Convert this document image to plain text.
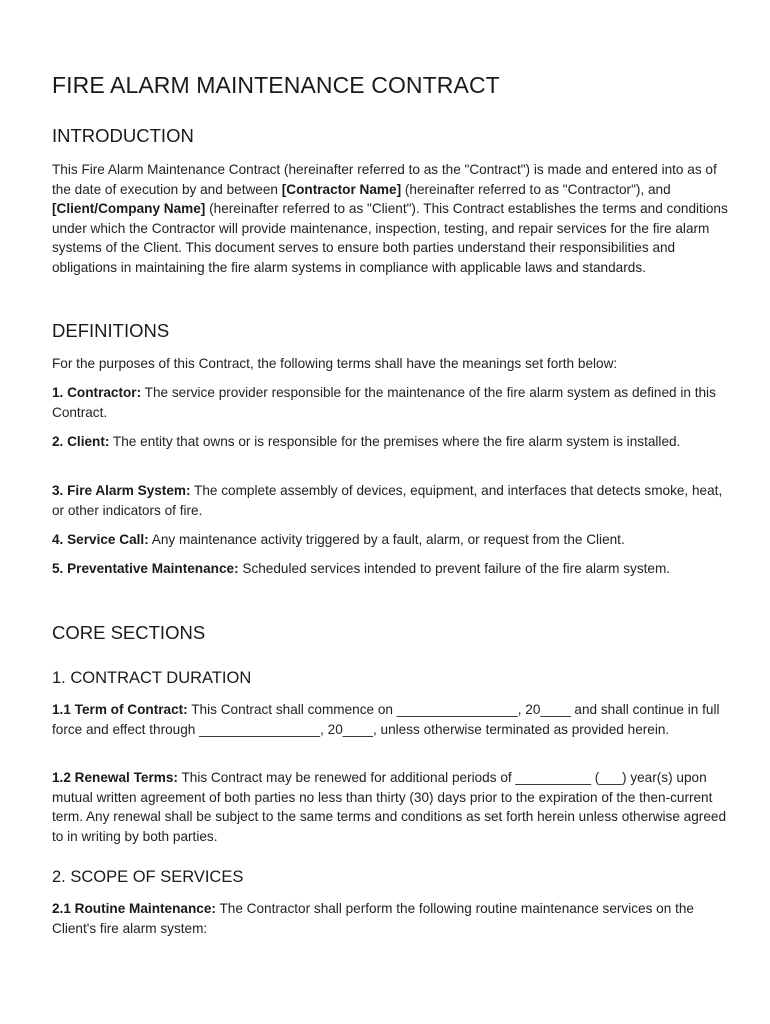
FIRE ALARM MAINTENANCE CONTRACT
INTRODUCTION

This Fire Alarm Maintenance Contract (hereinafter referred to as the "Contract") is made and entered into as of the date of execution by and between [Contractor Name] (hereinafter referred to as "Contractor"), and [Client/Company Name] (hereinafter referred to as "Client"). This Contract establishes the terms and conditions under which the Contractor will provide maintenance, inspection, testing, and repair services for the fire alarm systems of the Client. This document serves to ensure both parties understand their responsibilities and obligations in maintaining the fire alarm systems in compliance with applicable laws and standards.

DEFINITIONS

For the purposes of this Contract, the following terms shall have the meanings set forth below:

1. Contractor: The service provider responsible for the maintenance of the fire alarm system as defined in this Contract.

2. Client: The entity that owns or is responsible for the premises where the fire alarm system is installed.

3. Fire Alarm System: The complete assembly of devices, equipment, and interfaces that detects smoke, heat, or other indicators of fire.

4. Service Call: Any maintenance activity triggered by a fault, alarm, or request from the Client.

5. Preventative Maintenance: Scheduled services intended to prevent failure of the fire alarm system.

CORE SECTIONS
1. CONTRACT DURATION

1.1 Term of Contract: This Contract shall commence on ________________, 20____ and shall continue in full force and effect through ________________, 20____, unless otherwise terminated as provided herein.

1.2 Renewal Terms: This Contract may be renewed for additional periods of __________ (___) year(s) upon mutual written agreement of both parties no less than thirty (30) days prior to the expiration of the then-current term. Any renewal shall be subject to the same terms and conditions as set forth herein unless otherwise agreed to in writing by both parties.

2. SCOPE OF SERVICES

2.1 Routine Maintenance: The Contractor shall perform the following routine maintenance services on the Client's fire alarm system:
